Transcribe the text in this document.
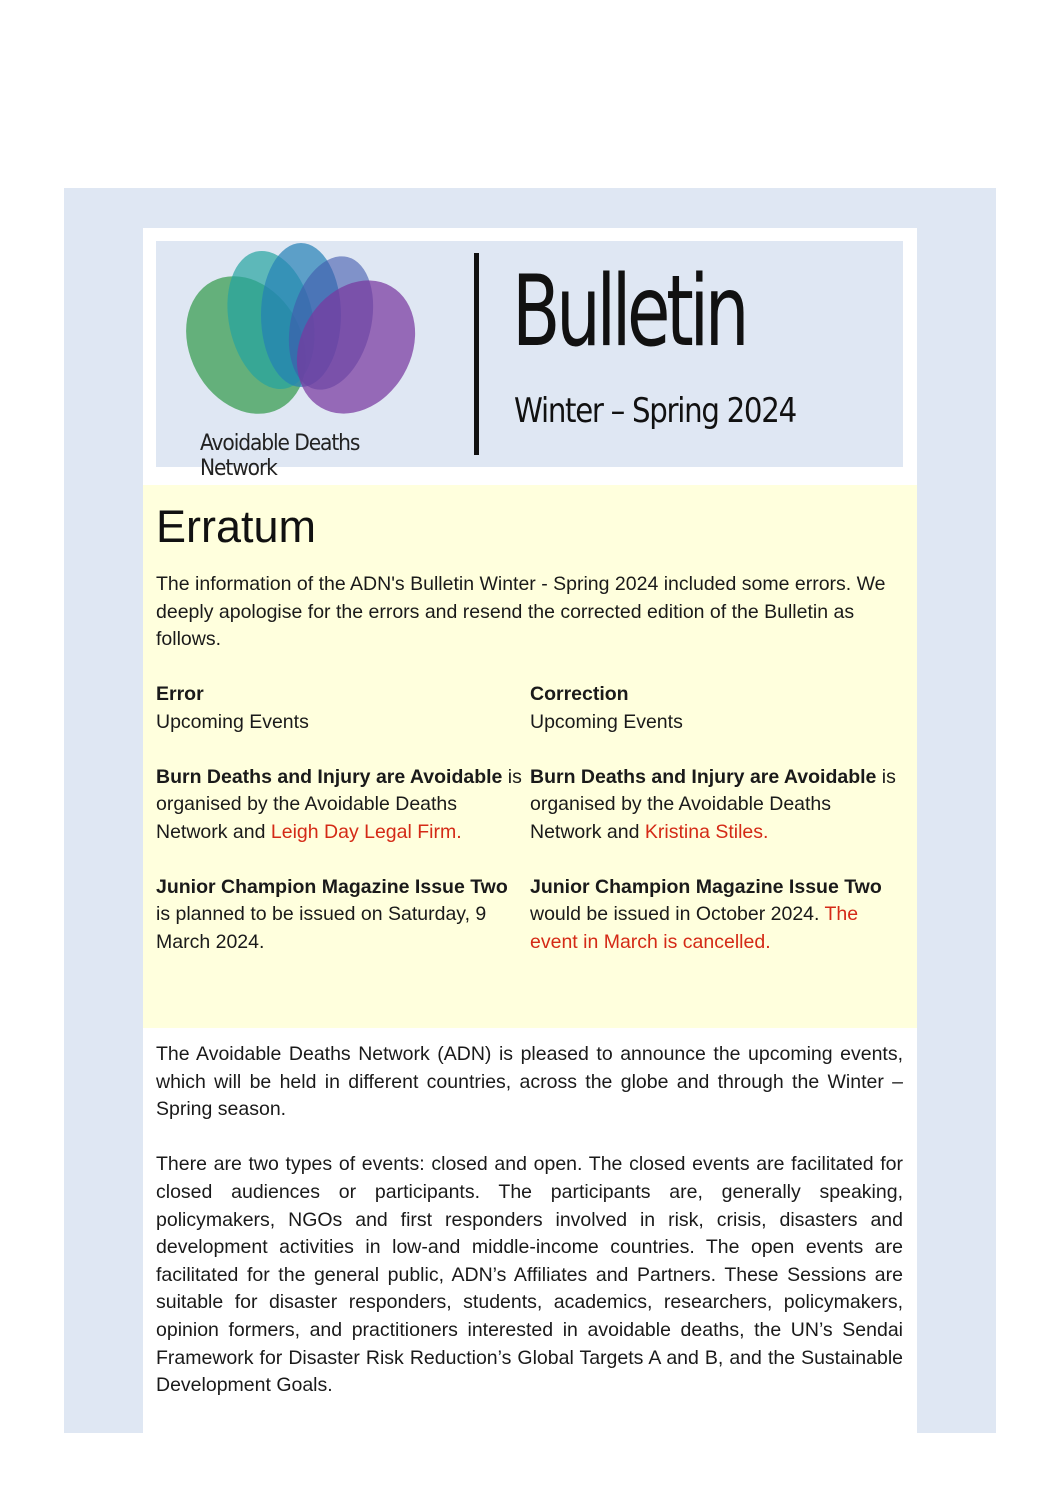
Avoidable Deaths Network
Bulletin
Winter – Spring 2024
Erratum

The information of the ADN's Bulletin Winter - Spring 2024 included some errors. We deeply apologise for the errors and resend the corrected edition of the Bulletin as follows.

Error
Upcoming Events

Burn Deaths and Injury are Avoidable is organised by the Avoidable Deaths Network and Leigh Day Legal Firm.

Junior Champion Magazine Issue Two is planned to be issued on Saturday, 9 March 2024.

Correction
Upcoming Events

Burn Deaths and Injury are Avoidable is organised by the Avoidable Deaths Network and Kristina Stiles.

Junior Champion Magazine Issue Two would be issued in October 2024. The event in March is cancelled.

The Avoidable Deaths Network (ADN) is pleased to announce the upcoming events, which will be held in different countries, across the globe and through the Winter – Spring season.

There are two types of events: closed and open. The closed events are facilitated for closed audiences or participants. The participants are, generally speaking, policymakers, NGOs and first responders involved in risk, crisis, disasters and development activities in low-and middle-income countries. The open events are facilitated for the general public, ADN’s Affiliates and Partners. These Sessions are suitable for disaster responders, students, academics, researchers, policymakers, opinion formers, and practitioners interested in avoidable deaths, the UN’s Sendai Framework for Disaster Risk Reduction’s Global Targets A and B, and the Sustainable Development Goals.
